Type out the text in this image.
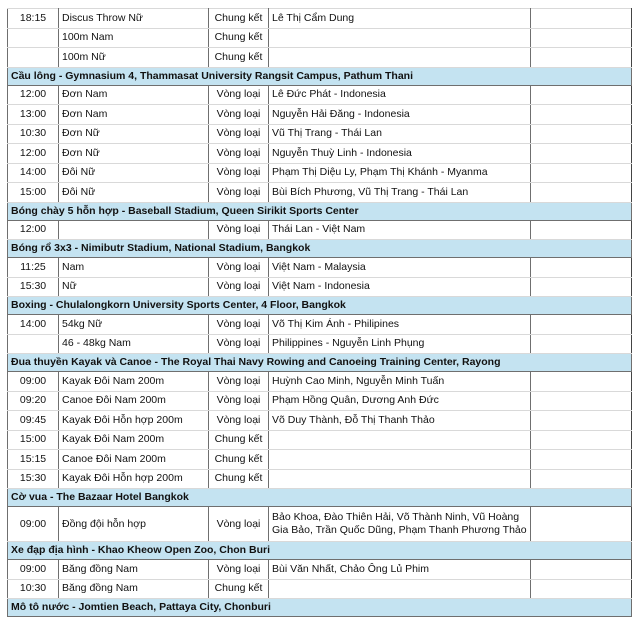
18:15	Discus Throw Nữ	Chung kết	Lê Thị Cẩm Dung	
	100m Nam	Chung kết		
	100m Nữ	Chung kết		
Cầu lông - Gymnasium 4, Thammasat University Rangsit Campus, Pathum Thani				
12:00	Đơn Nam	Vòng loại	Lê Đức Phát - Indonesia	
13:00	Đơn Nam	Vòng loại	Nguyễn Hải Đăng - Indonesia	
10:30	Đơn Nữ	Vòng loại	Vũ Thị Trang - Thái Lan	
12:00	Đơn Nữ	Vòng loại	Nguyễn Thuỳ Linh - Indonesia	
14:00	Đôi Nữ	Vòng loại	Phạm Thị Diệu Ly, Phạm Thị Khánh - Myanma	
15:00	Đôi Nữ	Vòng loại	Bùi Bích Phương, Vũ Thị Trang - Thái Lan	
Bóng chày 5 hỗn hợp - Baseball Stadium, Queen Sirikit Sports Center				
12:00		Vòng loại	Thái Lan - Việt Nam	
Bóng rổ 3x3 - Nimibutr Stadium, National Stadium, Bangkok				
11:25	Nam	Vòng loại	Việt Nam - Malaysia	
15:30	Nữ	Vòng loại	Việt Nam - Indonesia	
Boxing - Chulalongkorn University Sports Center, 4 Floor, Bangkok				
14:00	54kg Nữ	Vòng loại	Võ Thị Kim Ánh - Philipines	
	46 - 48kg Nam	Vòng loại	Philippines - Nguyễn Linh Phụng	
Đua thuyền Kayak và Canoe - The Royal Thai Navy Rowing and Canoeing Training Center, Rayong				
09:00	Kayak Đôi Nam 200m	Vòng loại	Huỳnh Cao Minh, Nguyễn Minh Tuấn	
09:20	Canoe Đôi Nam 200m	Vòng loại	Phạm Hồng Quân, Dương Anh Đức	
09:45	Kayak Đôi Hỗn hợp 200m	Vòng loại	Võ Duy Thành, Đỗ Thị Thanh Thảo	
15:00	Kayak Đôi Nam 200m	Chung kết		
15:15	Canoe Đôi Nam 200m	Chung kết		
15:30	Kayak Đôi Hỗn hợp 200m	Chung kết		
Cờ vua - The Bazaar Hotel Bangkok				
09:00	Đồng đội hỗn hợp	Vòng loại	Bảo Khoa, Đào Thiên Hải, Võ Thành Ninh, Vũ Hoàng Gia Bảo, Trần Quốc Dũng, Phạm Thanh Phương Thảo	
Xe đạp địa hình - Khao Kheow Open Zoo, Chon Buri				
09:00	Băng đồng Nam	Vòng loại	Bùi Văn Nhất, Chảo Ông Lủ Phim	
10:30	Băng đồng Nam	Chung kết		
Mô tô nước - Jomtien Beach, Pattaya City, Chonburi				
